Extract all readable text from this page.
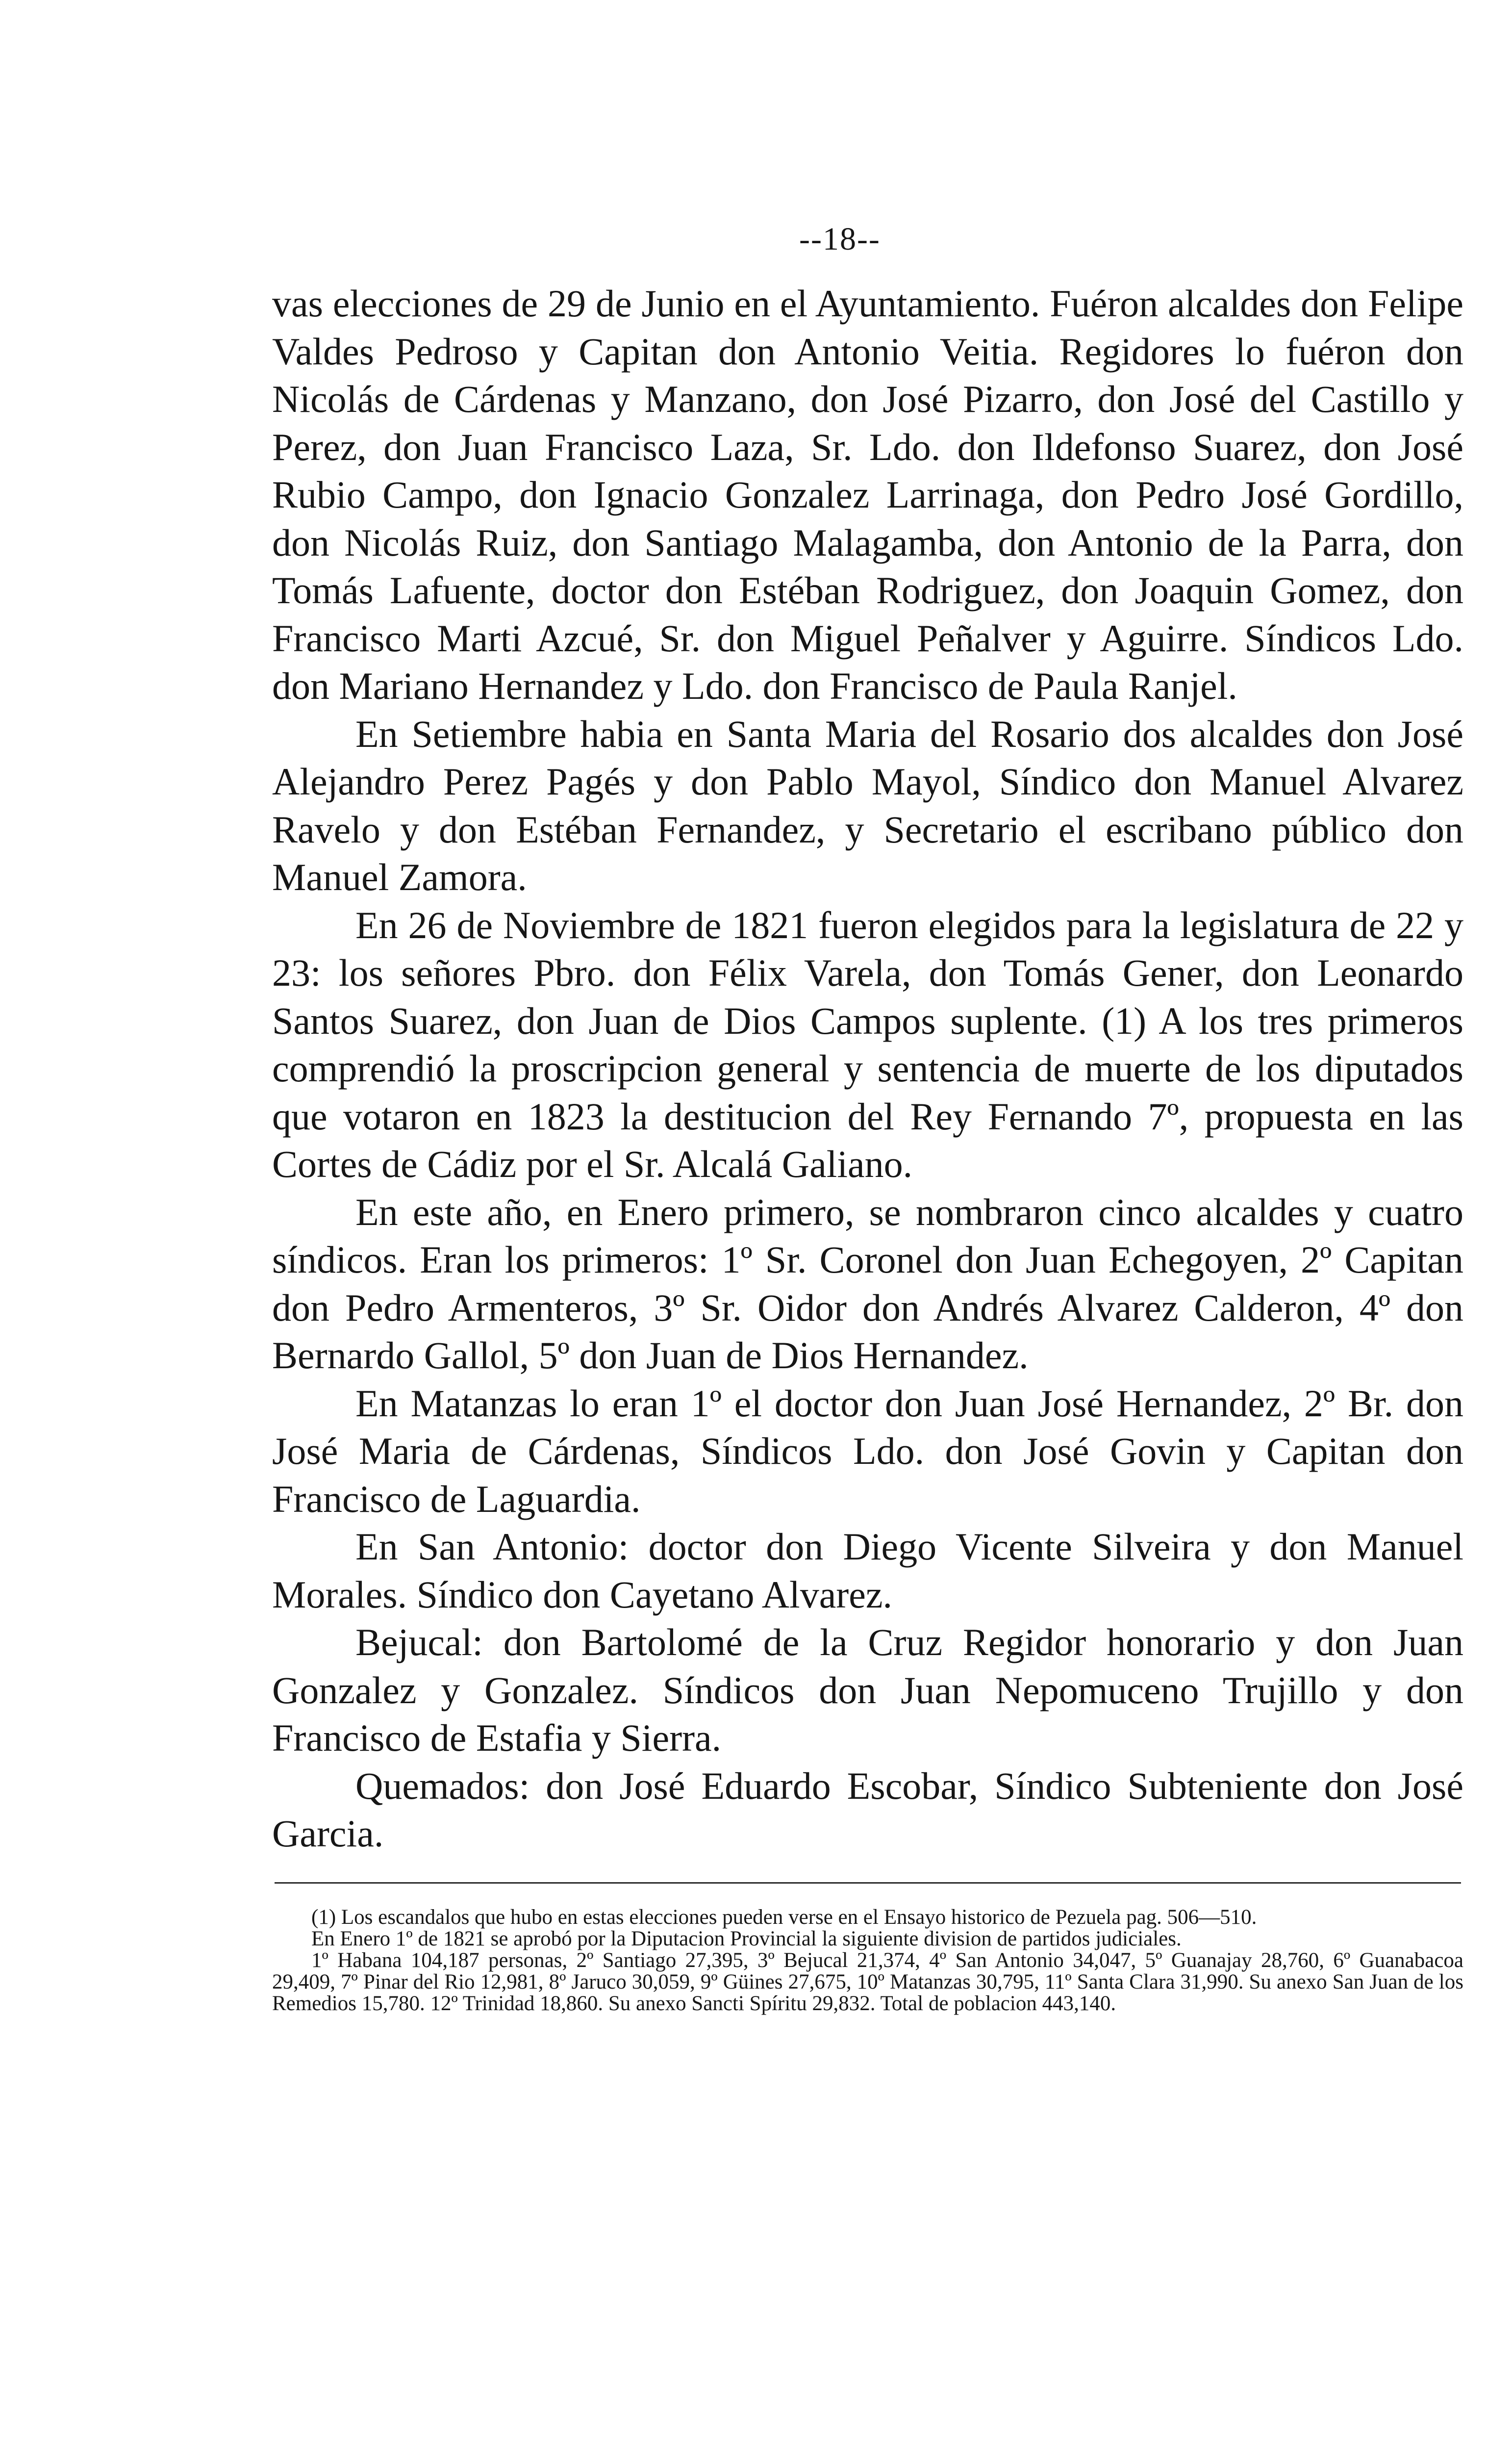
--18--

vas elecciones de 29 de Junio en el Ayuntamiento. Fuéron alcaldes don Felipe Valdes Pedroso y Capitan don Antonio Veitia. Regidores lo fuéron don Nicolás de Cárdenas y Manzano, don José Pizarro, don José del Castillo y Perez, don Juan Francisco Laza, Sr. Ldo. don Ildefonso Suarez, don José Rubio Campo, don Ignacio Gonzalez Larrinaga, don Pedro José Gordillo, don Nicolás Ruiz, don Santiago Malagamba, don Antonio de la Parra, don Tomás Lafuente, doctor don Estéban Rodriguez, don Joaquin Gomez, don Francisco Marti Azcué, Sr. don Miguel Peñalver y Aguirre. Síndicos Ldo. don Mariano Hernandez y Ldo. don Francisco de Paula Ranjel.

En Setiembre habia en Santa Maria del Rosario dos alcaldes don José Alejandro Perez Pagés y don Pablo Mayol, Síndico don Manuel Alvarez Ravelo y don Estéban Fernandez, y Secretario el escribano público don Manuel Zamora.

En 26 de Noviembre de 1821 fueron elegidos para la legislatura de 22 y 23: los señores Pbro. don Félix Varela, don Tomás Gener, don Leonardo Santos Suarez, don Juan de Dios Campos suplente. (1) A los tres primeros comprendió la proscripcion general y sentencia de muerte de los diputados que votaron en 1823 la destitucion del Rey Fernando 7º, propuesta en las Cortes de Cádiz por el Sr. Alcalá Galiano.

En este año, en Enero primero, se nombraron cinco alcaldes y cuatro síndicos. Eran los primeros: 1º Sr. Coronel don Juan Echegoyen, 2º Capitan don Pedro Armenteros, 3º Sr. Oidor don Andrés Alvarez Calderon, 4º don Bernardo Gallol, 5º don Juan de Dios Hernandez.

En Matanzas lo eran 1º el doctor don Juan José Hernandez, 2º Br. don José Maria de Cárdenas, Síndicos Ldo. don José Govin y Capitan don Francisco de Laguardia.

En San Antonio: doctor don Diego Vicente Silveira y don Manuel Morales. Síndico don Cayetano Alvarez.

Bejucal: don Bartolomé de la Cruz Regidor honorario y don Juan Gonzalez y Gonzalez. Síndicos don Juan Nepomuceno Trujillo y don Francisco de Estafia y Sierra.

Quemados: don José Eduardo Escobar, Síndico Subteniente don José Garcia.

(1) Los escandalos que hubo en estas elecciones pueden verse en el Ensayo historico de Pezuela pag. 506—510.

En Enero 1º de 1821 se aprobó por la Diputacion Provincial la siguiente division de partidos judiciales.

1º Habana 104,187 personas, 2º Santiago 27,395, 3º Bejucal 21,374, 4º San Antonio 34,047, 5º Guanajay 28,760, 6º Guanabacoa 29,409, 7º Pinar del Rio 12,981, 8º Jaruco 30,059, 9º Güines 27,675, 10º Matanzas 30,795, 11º Santa Clara 31,990. Su anexo San Juan de los Remedios 15,780. 12º Trinidad 18,860. Su anexo Sancti Spíritu 29,832. Total de poblacion 443,140.
